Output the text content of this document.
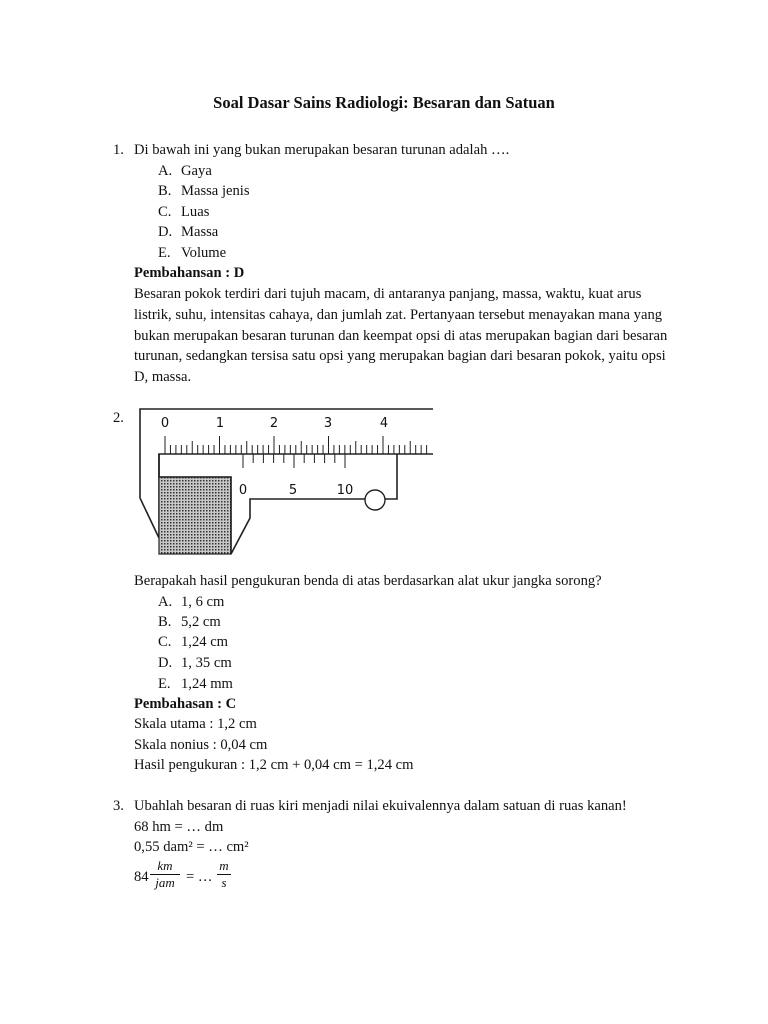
Soal Dasar Sains Radiologi: Besaran dan Satuan
1. Di bawah ini yang bukan merupakan besaran turunan adalah ….
A. Gaya
B. Massa jenis
C. Luas
D. Massa
E. Volume
Pembahansan : D
Besaran pokok terdiri dari tujuh macam, di antaranya panjang, massa, waktu, kuat arus listrik, suhu, intensitas cahaya, dan jumlah zat. Pertanyaan tersebut menayakan mana yang bukan merupakan besaran turunan dan keempat opsi di atas merupakan bagian dari besaran turunan, sedangkan tersisa satu opsi yang merupakan bagian dari besaran pokok, yaitu opsi D, massa.
2.	0	1	2	3	4
0	5	10
Berapakah hasil pengukuran benda di atas berdasarkan alat ukur jangka sorong?
A. 1, 6 cm
B. 5,2 cm
C. 1,24 cm
D. 1, 35 cm
E. 1,24 mm
Pembahasan : C
Skala utama : 1,2 cm
Skala nonius : 0,04 cm
Hasil pengukuran : 1,2 cm + 0,04 cm = 1,24 cm
3. Ubahlah besaran di ruas kiri menjadi nilai ekuivalennya dalam satuan di ruas kanan!
68 hm = … dm
0,55 dam² = … cm²
84
km
jam = …
m
s
